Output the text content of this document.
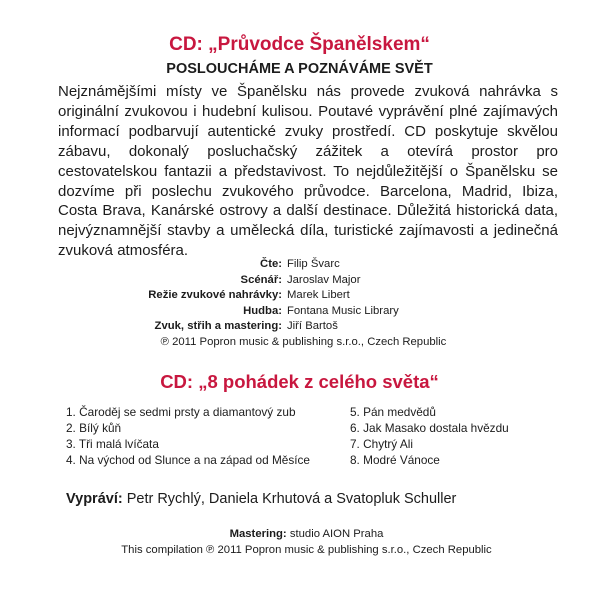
CD: „Průvodce Španělskem“
POSLOUCHÁME A POZNÁVÁME SVĚT

Nejznámějšími místy ve Španělsku nás provede zvuková nahrávka s originální zvukovou i hudební kulisou. Poutavé vyprávění plné zajímavých informací podbarvují autentické zvuky prostředí. CD poskytuje skvělou zábavu, dokonalý posluchačský zážitek a otevírá prostor pro cestovatelskou fantazii a představivost. To nejdůležitější o Španělsku se dozvíme při poslechu zvukového průvodce. Barcelona, Madrid, Ibiza, Costa Brava, Kanárské ostrovy a další destinace. Důležitá historická data, nejvýznamnější stavby a umělecká díla, turistické zajímavosti a jedinečná zvuková atmosféra.

Čte: Filip Švarc
Scénář: Jaroslav Major
Režie zvukové nahrávky: Marek Libert
Hudba: Fontana Music Library
Zvuk, střih a mastering: Jiří Bartoš
℗ 2011 Popron music & publishing s.r.o., Czech Republic
CD: „8 pohádek z celého světa“
1. Čaroděj se sedmi prsty a diamantový zub
2. Bílý kůň
3. Tři malá lvíčata
4. Na východ od Slunce a na západ od Měsíce
5. Pán medvědů
6. Jak Masako dostala hvězdu
7. Chytrý Ali
8. Modré Vánoce
Vypráví: Petr Rychlý, Daniela Krhutová a Svatopluk Schuller
Mastering: studio AION Praha
This compilation ℗ 2011 Popron music & publishing s.r.o., Czech Republic
